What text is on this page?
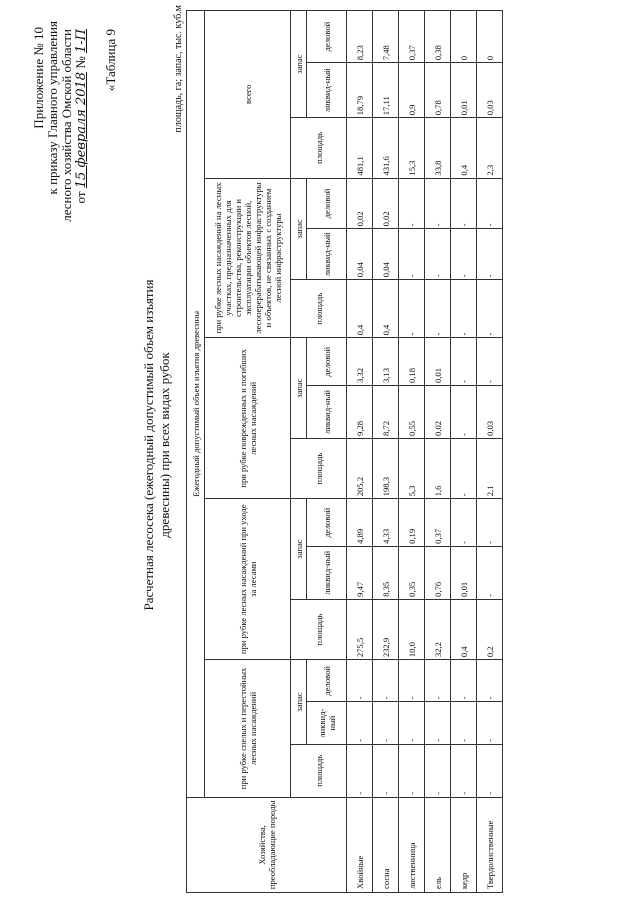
Приложение № 10 к приказу Главного управления лесного хозяйства Омской области от 15 февраля 2018 № 1-П «Таблица 9
Расчетная лесосека (ежегодный допустимый объем изъятия древесины) при всех видах рубок
площадь, га; запас, тыс. куб.м
Хозяйства, преобладающие породы	Ежегодный допустимый объем изъятия древесины														
	при рубке спелых и перестойных лесных насаждений			при рубке лесных насаждений при уходе за лесами			при рубке поврежденных и погибших лесных насаждений			при рубке лесных насаждений на лесных участках, предназначенных для строительства, реконструкции и эксплуатации объектов лесной, лесоперерабатывающей инфраструктуры и объектов, не связанных с созданием лесной инфраструктуры			всего		
	площадь	запас		площадь	запас		площадь	запас		площадь	запас		площадь	запас	
		ликвид-ный	деловой		ликвид-ный	деловой		ликвид-ный	деловой		ликвид-ный	деловой		ликвид-ный	деловой
Хвойные	-	-	-	275,5	9,47	4,89	205,2	9,28	3,32	0,4	0,04	0,02	481,1	18,79	8,23
сосна	-	-	-	232,9	8,35	4,33	198,3	8,72	3,13	0,4	0,04	0,02	431,6	17,11	7,48
лиственница	-	-	-	10,0	0,35	0,19	5,3	0,55	0,18	-	-	-	15,3	0,9	0,37
ель	-	-	-	32,2	0,76	0,37	1,6	0,02	0,01	-	-	-	33,8	0,78	0,38
кедр	-	-	-	0,4	0,01	-	-	-	-	-	-	-	0,4	0,01	0
Твердолиственные	-	-	-	0,2	-	-	2,1	0,03	-	-	-	-	2,3	0,03	0
